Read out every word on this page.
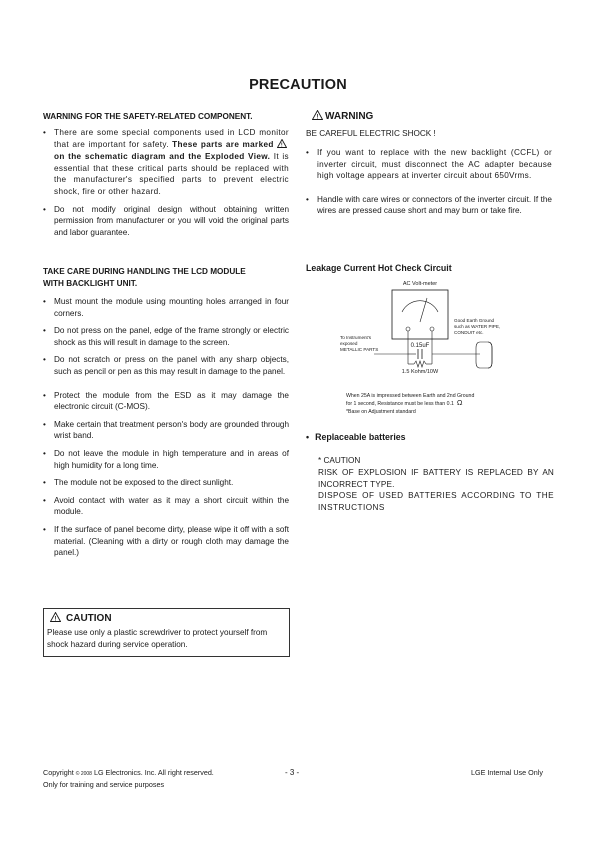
PRECAUTION
WARNING FOR THE SAFETY-RELATED COMPONENT.
• There are some special components used in LCD monitor that are important for safety. These parts are marked !
on the schematic diagram and the Exploded View. It is essential that these critical parts should be replaced with the manufacturer's specified parts to prevent electric shock, fire or other hazard.
• Do not modify original design without obtaining written permission from manufacturer or you will void the original parts and labor guarantee.
TAKE CARE DURING HANDLING THE LCD MODULE
WITH BACKLIGHT UNIT.
• Must mount the module using mounting holes arranged in four corners.
• Do not press on the panel, edge of the frame strongly or electric shock as this will result in damage to the screen.
• Do not scratch or press on the panel with any sharp objects, such as pencil or pen as this may result in damage to the panel.
• Protect the module from the ESD as it may damage the electronic circuit (C-MOS).
• Make certain that treatment person's body are grounded through wrist band.
• Do not leave the module in high temperature and in areas of high humidity for a long time.
• The module not be exposed to the direct sunlight.
• Avoid contact with water as it may a short circuit within the module.
• If the surface of panel become dirty, please wipe it off with a soft material. (Cleaning with a dirty or rough cloth may damage the panel.)
! CAUTION
Please use only a plastic screwdriver to protect yourself from shock hazard during service operation.
! WARNING
BE CAREFUL ELECTRIC SHOCK !
• If you want to replace with the new backlight (CCFL) or inverter circuit, must disconnect the AC adapter because high voltage appears at inverter circuit about 650Vrms.
• Handle with care wires or connectors of the inverter circuit. If the wires are pressed cause short and may burn or take fire.
Leakage Current Hot Check Circuit
AC Volt-meter
0.15uF
1.5 Kohm/10W
To Instrument's
exposed
METALLIC PARTS
Good Earth Ground
such as WATER PIPE,
CONDUIT etc.
When 25A is impressed between Earth and 2nd Ground
for 1 second, Resistance must be less than 0.1 Ω
*Base on Adjustment standard
• Replaceable batteries
* CAUTION
RISK OF EXPLOSION IF BATTERY IS REPLACED BY AN INCORRECT TYPE.
DISPOSE OF USED BATTERIES ACCORDING TO THE INSTRUCTIONS
Copyright © 2008 LG Electronics. Inc. All right reserved.
Only for training and service purposes
- 3 -	LGE Internal Use Only
